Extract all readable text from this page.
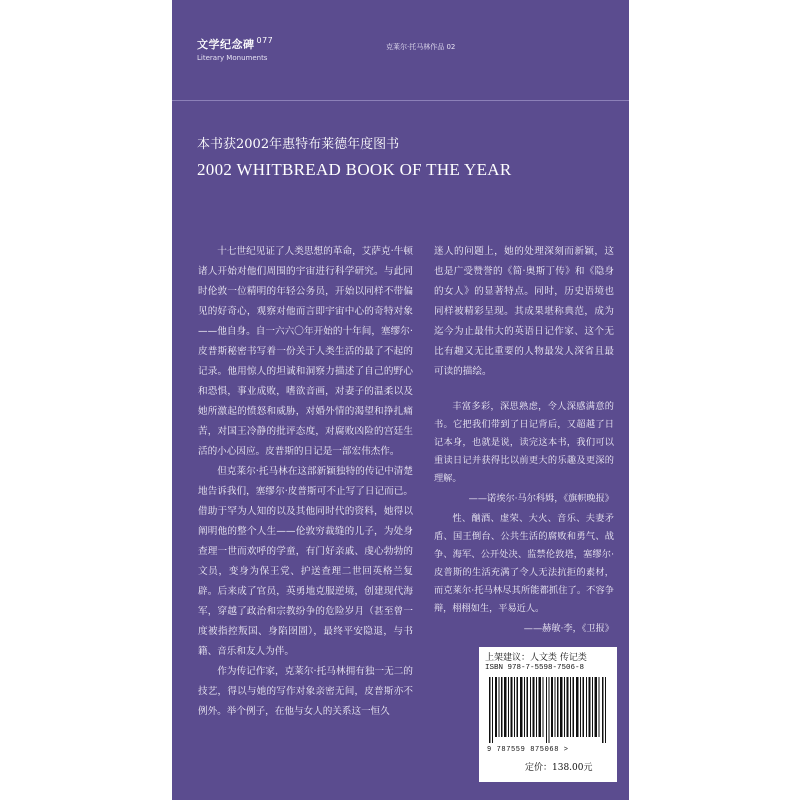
文学纪念碑 $^{077}$
Literary Monuments
克莱尔·托马林作品 02
本书获2002年惠特布莱德年度图书
2002 WHITBREAD BOOK OF THE YEAR

十七世纪见证了人类思想的革命，艾萨克·牛顿诸人开始对他们周围的宇宙进行科学研究。与此同时伦敦一位精明的年轻公务员，开始以同样不带偏见的好奇心，观察对他而言即宇宙中心的奇特对象——他自身。自一六六〇年开始的十年间，塞缪尔·皮普斯秘密书写着一份关于人类生活的最了不起的记录。他用惊人的坦诚和洞察力描述了自己的野心和恐惧，事业成败，嗜欲音画，对妻子的温柔以及她所激起的愤怒和威胁，对婚外情的渴望和挣扎痛苦，对国王冷静的批评态度，对腐败凶险的宫廷生活的小心因应。皮普斯的日记是一部宏伟杰作。

但克莱尔·托马林在这部新颖独特的传记中清楚地告诉我们，塞缪尔·皮普斯可不止写了日记而已。借助于罕为人知的以及其他同时代的资料，她得以阐明他的整个人生——伦敦穷裁缝的儿子，为处身查理一世而欢呼的学童，有门好亲戚、虔心勃勃的文员，变身为保王党、护送查理二世回英格兰复辟。后来成了官员，英勇地克服逆境，创建现代海军，穿越了政治和宗教纷争的危险岁月（甚至曾一度被指控叛国、身陷囹圄），最终平安隐退，与书籍、音乐和友人为伴。

作为传记作家，克莱尔·托马林拥有独一无二的技艺，得以与她的写作对象亲密无间，皮普斯亦不例外。举个例子，在他与女人的关系这一恒久

迷人的问题上，她的处理深刻而新颖，这也是广受赞誉的《简·奥斯丁传》和《隐身的女人》的显著特点。同时，历史语境也同样被精彩呈现。其成果堪称典范，成为迄今为止最伟大的英语日记作家、这个无比有趣又无比重要的人物最发人深省且最可读的描绘。

丰富多彩，深思熟虑，令人深感满意的书。它把我们带到了日记背后，又超越了日记本身，也就是说，读完这本书，我们可以重读日记并获得比以前更大的乐趣及更深的理解。

——诺埃尔·马尔科姆，《旗帜晚报》

性、酗酒、虚荣、大火、音乐、夫妻矛盾、国王倒台、公共生活的腐败和勇气、战争、海军、公开处决、监禁伦敦塔，塞缪尔·皮普斯的生活充满了令人无法抗拒的素材，而克莱尔·托马林尽其所能都抓住了。不容争辩，栩栩如生，平易近人。

——赫敏·李，《卫报》

上架建议：人文类 传记类
ISBN 978-7-5598-7506-8
9 787559 875068 >
定价：138.00元
